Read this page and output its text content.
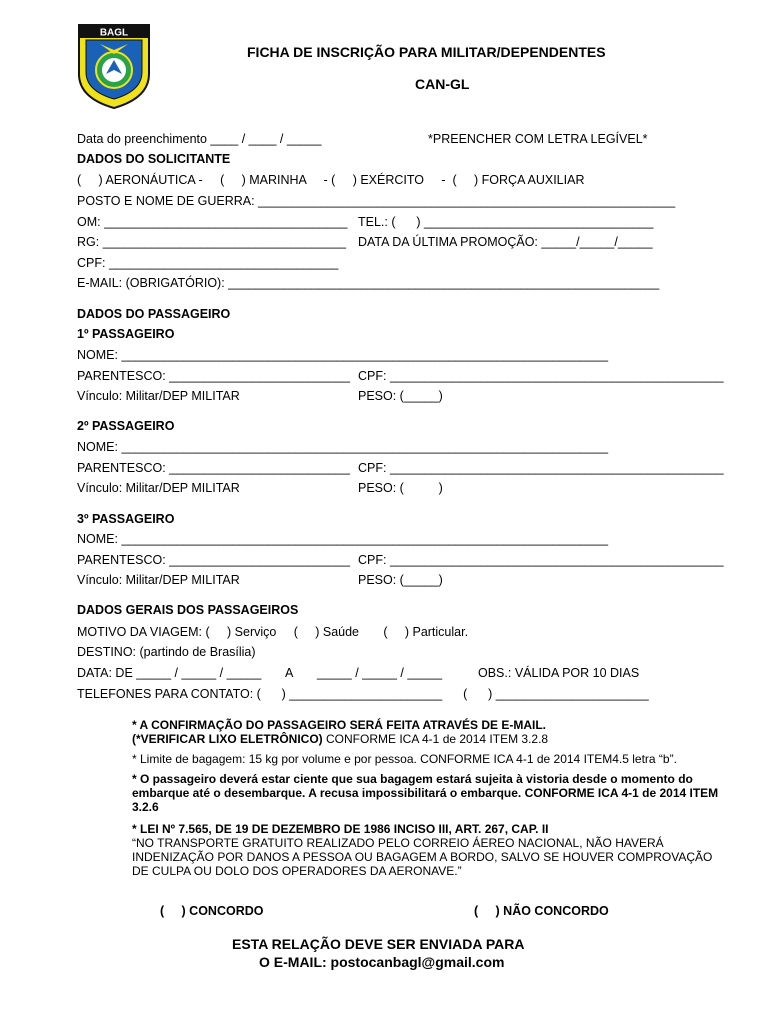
BAGL
FICHA DE INSCRIÇÃO PARA MILITAR/DEPENDENTES
CAN-GL
Data do preenchimento ____ / ____ / _____	*PREENCHER COM LETRA LEGÍVEL*
DADOS DO SOLICITANTE
(     ) AERONÁUTICA -     (     ) MARINHA     - (     ) EXÉRCITO     -  (     ) FORÇA AUXILIAR
POSTO E NOME DE GUERRA: ____________________________________________________________
OM: ___________________________________ TEL.: (      ) _________________________________
RG: ___________________________________ DATA DA ÚLTIMA PROMOÇÃO: _____/_____/_____
CPF: _________________________________
E-MAIL: (OBRIGATÓRIO): ______________________________________________________________
DADOS DO PASSAGEIRO
1º PASSAGEIRO
NOME: ______________________________________________________________________
PARENTESCO: __________________________ CPF: ________________________________________________
Vínculo: Militar/DEP MILITAR	PESO: (_____)
2º PASSAGEIRO
NOME: ______________________________________________________________________
PARENTESCO: __________________________ CPF: ________________________________________________
Vínculo: Militar/DEP MILITAR	PESO: (          )
3º PASSAGEIRO
NOME: ______________________________________________________________________
PARENTESCO: __________________________ CPF: ________________________________________________
Vínculo: Militar/DEP MILITAR	PESO: (_____)
DADOS GERAIS DOS PASSAGEIROS
MOTIVO DA VIAGEM: (     ) Serviço     (     ) Saúde       (     ) Particular.
DESTINO: (partindo de Brasília)
DATA: DE _____ / _____ / _____       A       _____ / _____ / _____	OBS.: VÁLIDA POR 10 DIAS
TELEFONES PARA CONTATO: (      ) ______________________      (      ) ______________________
* A CONFIRMAÇÃO DO PASSAGEIRO SERÁ FEITA ATRAVÉS DE E-MAIL.
(*VERIFICAR LIXO ELETRÔNICO) CONFORME ICA 4-1 de 2014 ITEM 3.2.8
* Limite de bagagem: 15 kg por volume e por pessoa. CONFORME ICA 4-1 de 2014 ITEM4.5 letra “b”.
* O passageiro deverá estar ciente que sua bagagem estará sujeita à vistoria desde o momento do embarque até o desembarque. A recusa impossibilitará o embarque. CONFORME ICA 4-1 de 2014 ITEM 3.2.6
* LEI Nº 7.565, DE 19 DE DEZEMBRO DE 1986 INCISO III, ART. 267, CAP. II
“NO TRANSPORTE GRATUITO REALIZADO PELO CORREIO ÁEREO NACIONAL, NÃO HAVERÁ INDENIZAÇÃO POR DANOS A PESSOA OU BAGAGEM A BORDO, SALVO SE HOUVER COMPROVAÇÃO DE CULPA OU DOLO DOS OPERADORES DA AERONAVE.”
(     ) CONCORDO	(     ) NÃO CONCORDO
ESTA RELAÇÃO DEVE SER ENVIADA PARA
O E-MAIL: postocanbagl@gmail.com
